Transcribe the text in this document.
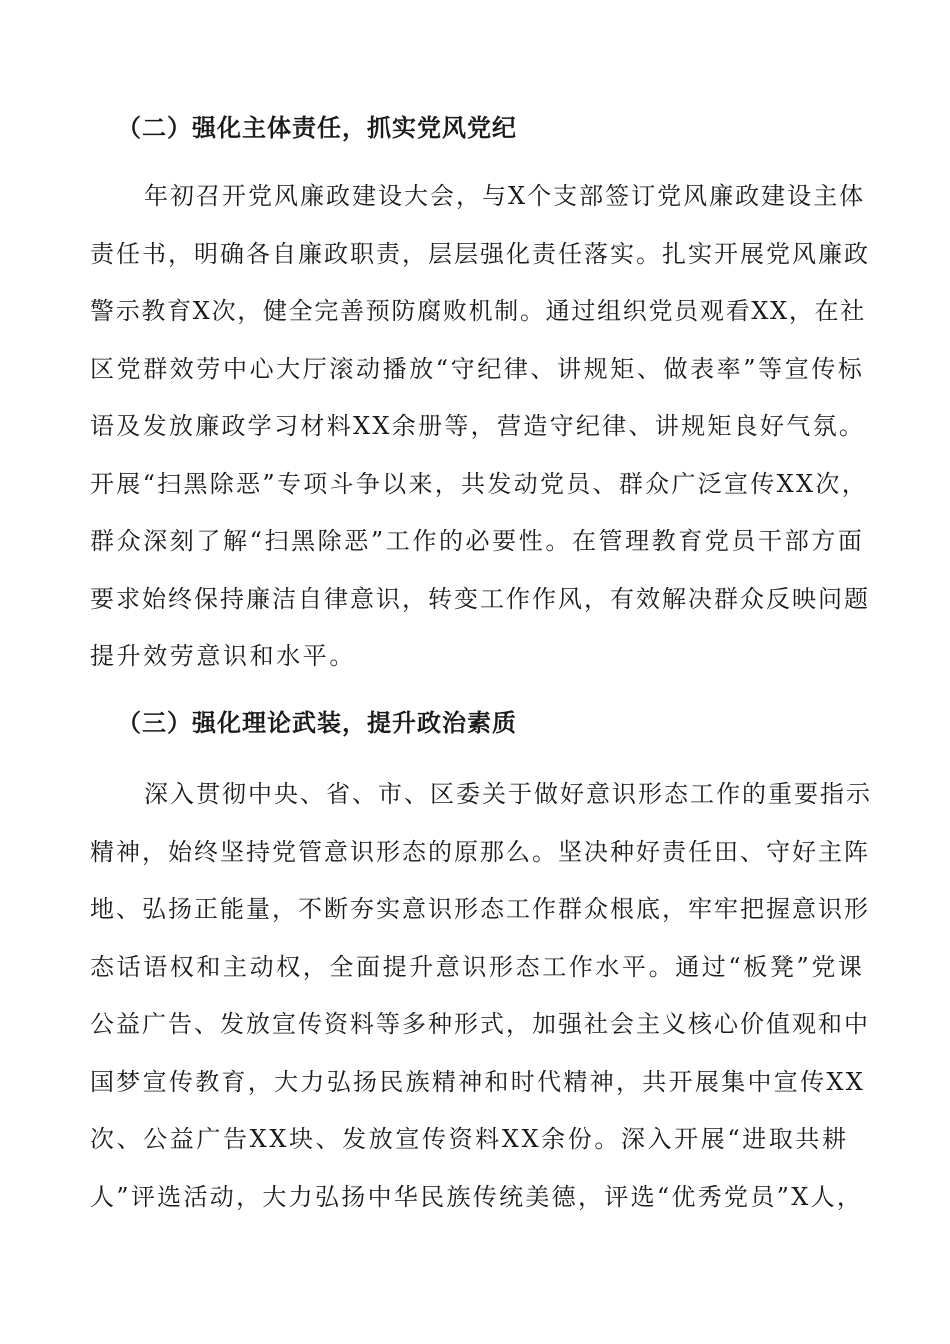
（二）强化主体责任，抓实党风党纪
年初召开党风廉政建设大会，与X个支部签订党风廉政建设主体
责任书，明确各自廉政职责，层层强化责任落实。扎实开展党风廉政
警示教育X次，健全完善预防腐败机制。通过组织党员观看XX，在社
区党群效劳中心大厅滚动播放“守纪律、讲规矩、做表率”等宣传标
语及发放廉政学习材料XX余册等，营造守纪律、讲规矩良好气氛。
开展“扫黑除恶”专项斗争以来，共发动党员、群众广泛宣传XX次，
群众深刻了解“扫黑除恶”工作的必要性。在管理教育党员干部方面
要求始终保持廉洁自律意识，转变工作作风，有效解决群众反映问题
提升效劳意识和水平。
（三）强化理论武装，提升政治素质
深入贯彻中央、省、市、区委关于做好意识形态工作的重要指示
精神，始终坚持党管意识形态的原那么。坚决种好责任田、守好主阵
地、弘扬正能量，不断夯实意识形态工作群众根底，牢牢把握意识形
态话语权和主动权，全面提升意识形态工作水平。通过“板凳”党课
公益广告、发放宣传资料等多种形式，加强社会主义核心价值观和中
国梦宣传教育，大力弘扬民族精神和时代精神，共开展集中宣传XX
次、公益广告XX块、发放宣传资料XX余份。深入开展“进取共耕
人”评选活动，大力弘扬中华民族传统美德，评选“优秀党员”X人，
